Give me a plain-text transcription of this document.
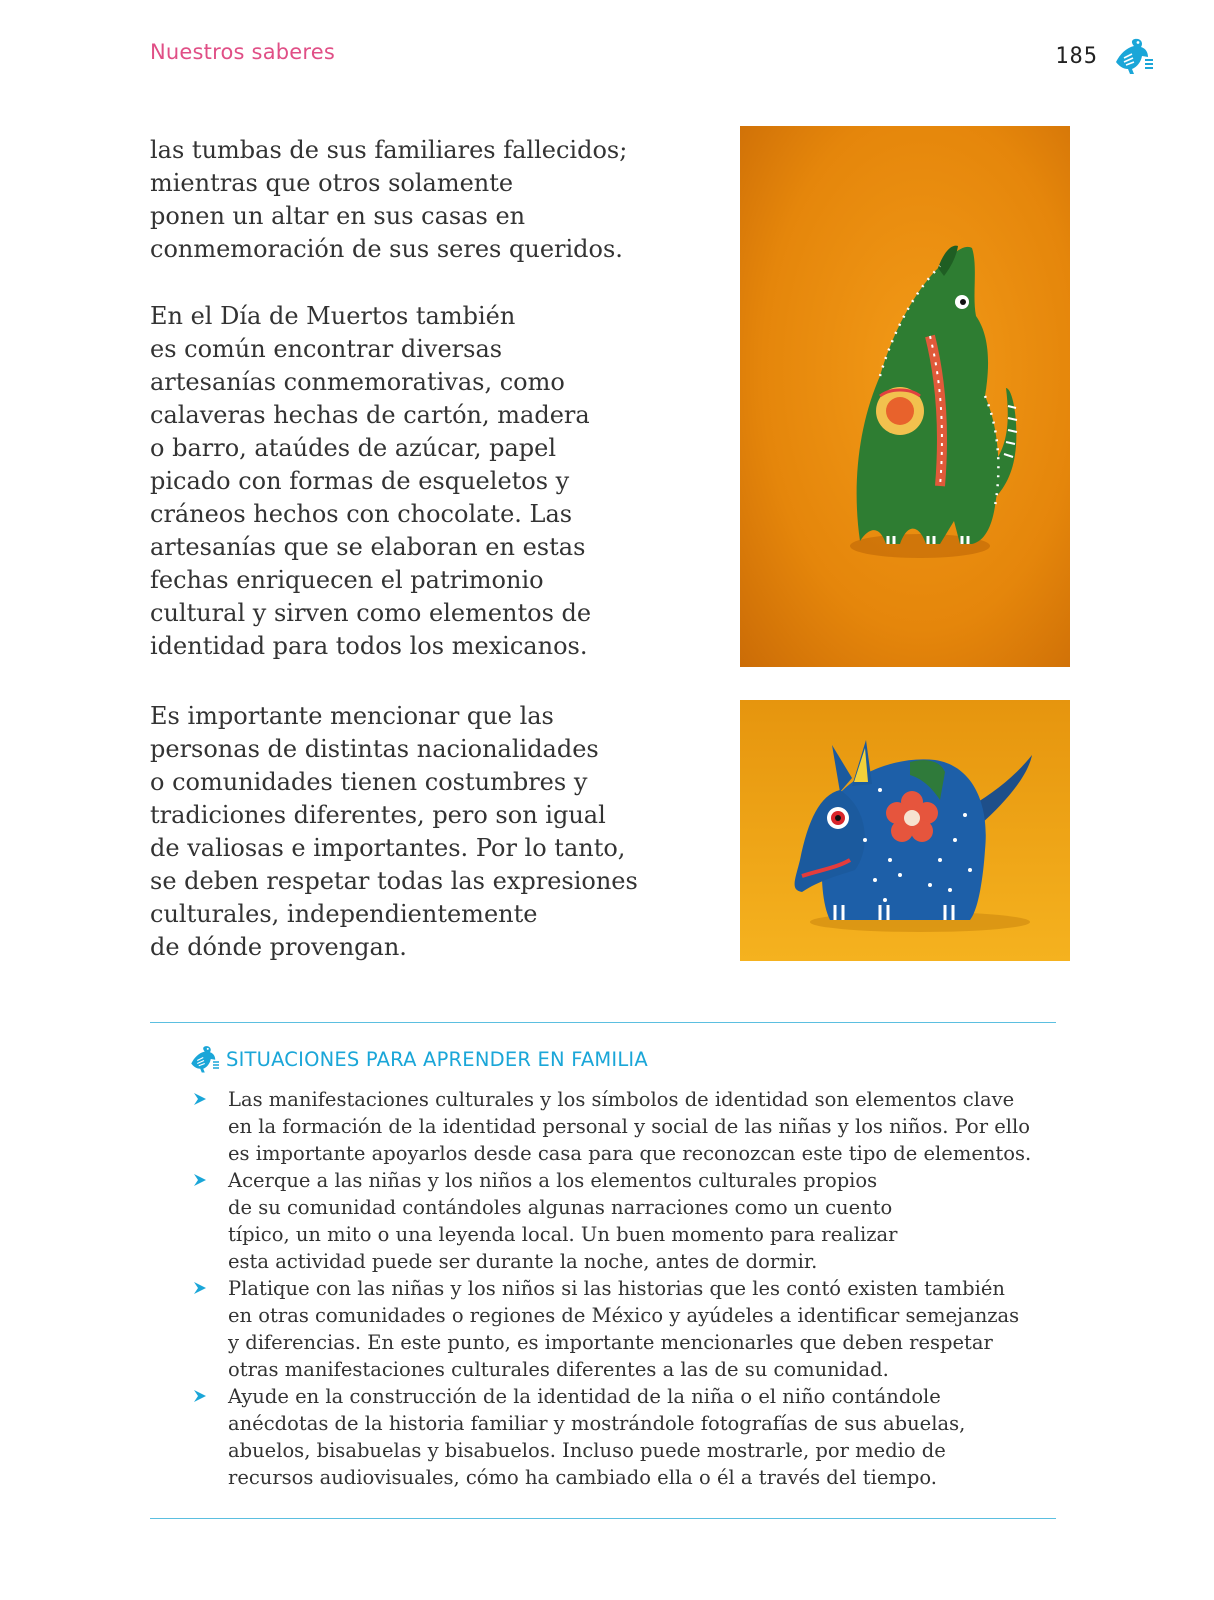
Nuestros saberes	185
las tumbas de sus familiares fallecidos;
mientras que otros solamente
ponen un altar en sus casas en
conmemoración de sus seres queridos.
En el Día de Muertos también
es común encontrar diversas
artesanías conmemorativas, como
calaveras hechas de cartón, madera
o barro, ataúdes de azúcar, papel
picado con formas de esqueletos y
cráneos hechos con chocolate. Las
artesanías que se elaboran en estas
fechas enriquecen el patrimonio
cultural y sirven como elementos de
identidad para todos los mexicanos.
Es importante mencionar que las
personas de distintas nacionalidades
o comunidades tienen costumbres y
tradiciones diferentes, pero son igual
de valiosas e importantes. Por lo tanto,
se deben respetar todas las expresiones
culturales, independientemente
de dónde provengan.
SITUACIONES PARA APRENDER EN FAMILIA
Las manifestaciones culturales y los símbolos de identidad son elementos clave
en la formación de la identidad personal y social de las niñas y los niños. Por ello
es importante apoyarlos desde casa para que reconozcan este tipo de elementos.
Acerque a las niñas y los niños a los elementos culturales propios
de su comunidad contándoles algunas narraciones como un cuento
típico, un mito o una leyenda local. Un buen momento para realizar
esta actividad puede ser durante la noche, antes de dormir.
Platique con las niñas y los niños si las historias que les contó existen también
en otras comunidades o regiones de México y ayúdeles a identificar semejanzas
y diferencias. En este punto, es importante mencionarles que deben respetar
otras manifestaciones culturales diferentes a las de su comunidad.
Ayude en la construcción de la identidad de la niña o el niño contándole
anécdotas de la historia familiar y mostrándole fotografías de sus abuelas,
abuelos, bisabuelas y bisabuelos. Incluso puede mostrarle, por medio de
recursos audiovisuales, cómo ha cambiado ella o él a través del tiempo.
